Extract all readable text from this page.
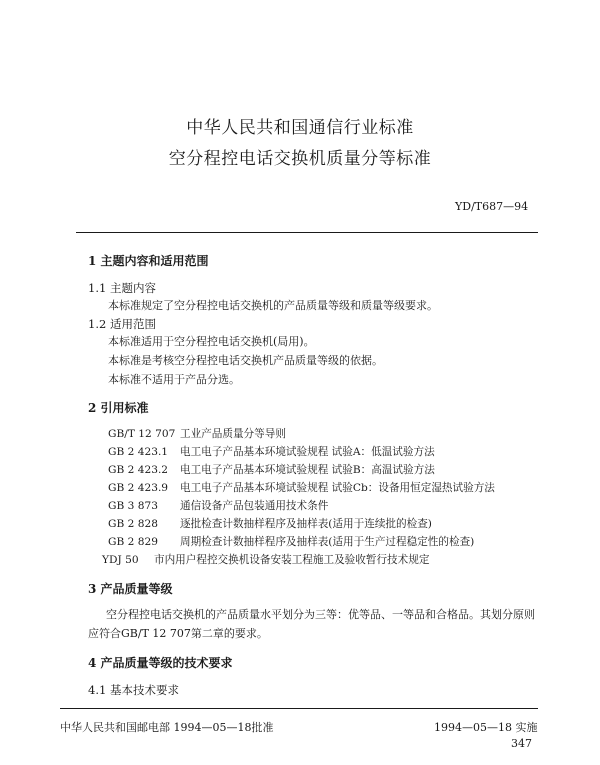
中华人民共和国通信行业标准
空分程控电话交换机质量分等标准
YD/T687—94
1 主题内容和适用范围
1.1 主题内容
本标准规定了空分程控电话交换机的产品质量等级和质量等级要求。
1.2 适用范围
本标准适用于空分程控电话交换机(局用)。
本标准是考核空分程控电话交换机产品质量等级的依据。
本标准不适用于产品分选。
2 引用标准
GB/T 12 707 工业产品质量分等导则
GB 2 423.1 电工电子产品基本环境试验规程 试验A：低温试验方法
GB 2 423.2 电工电子产品基本环境试验规程 试验B：高温试验方法
GB 2 423.9 电工电子产品基本环境试验规程 试验Cb：设备用恒定湿热试验方法
GB 3 873 通信设备产品包装通用技术条件
GB 2 828 逐批检查计数抽样程序及抽样表(适用于连续批的检查)
GB 2 829 周期检查计数抽样程序及抽样表(适用于生产过程稳定性的检查)
YDJ 50 市内用户程控交换机设备安装工程施工及验收暂行技术规定
3 产品质量等级
空分程控电话交换机的产品质量水平划分为三等：优等品、一等品和合格品。其划分原则
应符合GB/T 12 707第二章的要求。
4 产品质量等级的技术要求
4.1 基本技术要求
中华人民共和国邮电部 1994—05—18批准	1994—05—18 实施
347
